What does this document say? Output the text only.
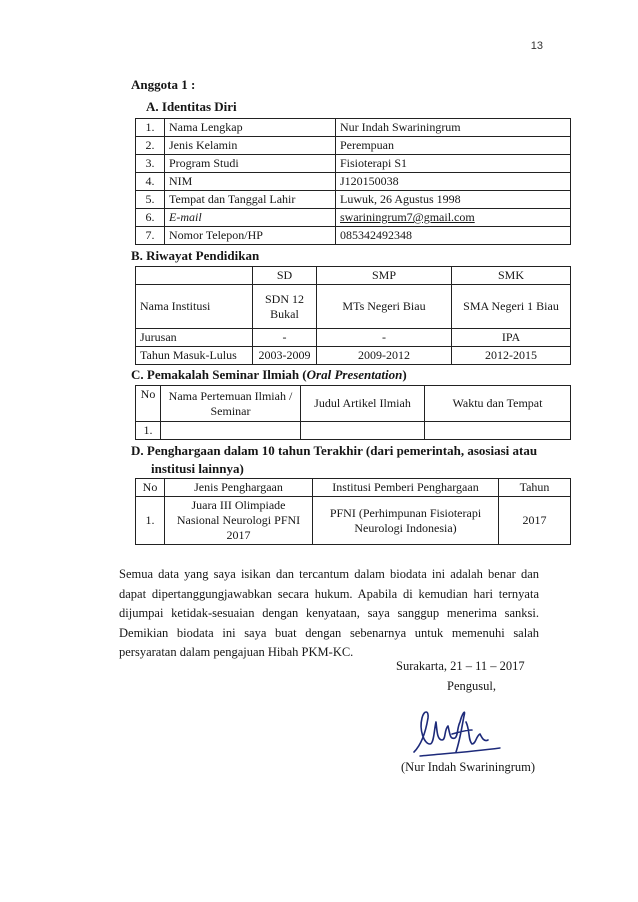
13
Anggota 1 :
A. Identitas Diri
1.	Nama Lengkap	Nur Indah Swariningrum
2.	Jenis Kelamin	Perempuan
3.	Program Studi	Fisioterapi S1
4.	NIM	J120150038
5.	Tempat dan Tanggal Lahir	Luwuk, 26 Agustus 1998
6.	E-mail	swariningrum7@gmail.com
7.	Nomor Telepon/HP	085342492348
B. Riwayat Pendidikan
	SD	SMP	SMK
Nama Institusi	SDN 12 Bukal	MTs Negeri Biau	SMA Negeri 1 Biau
Jurusan	-	-	IPA
Tahun Masuk-Lulus	2003-2009	2009-2012	2012-2015
C. Pemakalah Seminar Ilmiah (Oral Presentation)
No	Nama Pertemuan Ilmiah / Seminar	Judul Artikel Ilmiah	Waktu dan Tempat
1.			
D. Penghargaan dalam 10 tahun Terakhir (dari pemerintah, asosiasi atau
institusi lainnya)
No	Jenis Penghargaan	Institusi Pemberi Penghargaan	Tahun
1.	Juara III Olimpiade Nasional Neurologi PFNI 2017	PFNI (Perhimpunan Fisioterapi Neurologi Indonesia)	2017
Semua data yang saya isikan dan tercantum dalam biodata ini adalah benar dan dapat dipertanggungjawabkan secara hukum. Apabila di kemudian hari ternyata dijumpai ketidak-sesuaian dengan kenyataan, saya sanggup menerima sanksi. Demikian biodata ini saya buat dengan sebenarnya untuk memenuhi salah persyaratan dalam pengajuan Hibah PKM-KC.
Surakarta, 21 – 11 – 2017
Pengusul,
(Nur Indah Swariningrum)
